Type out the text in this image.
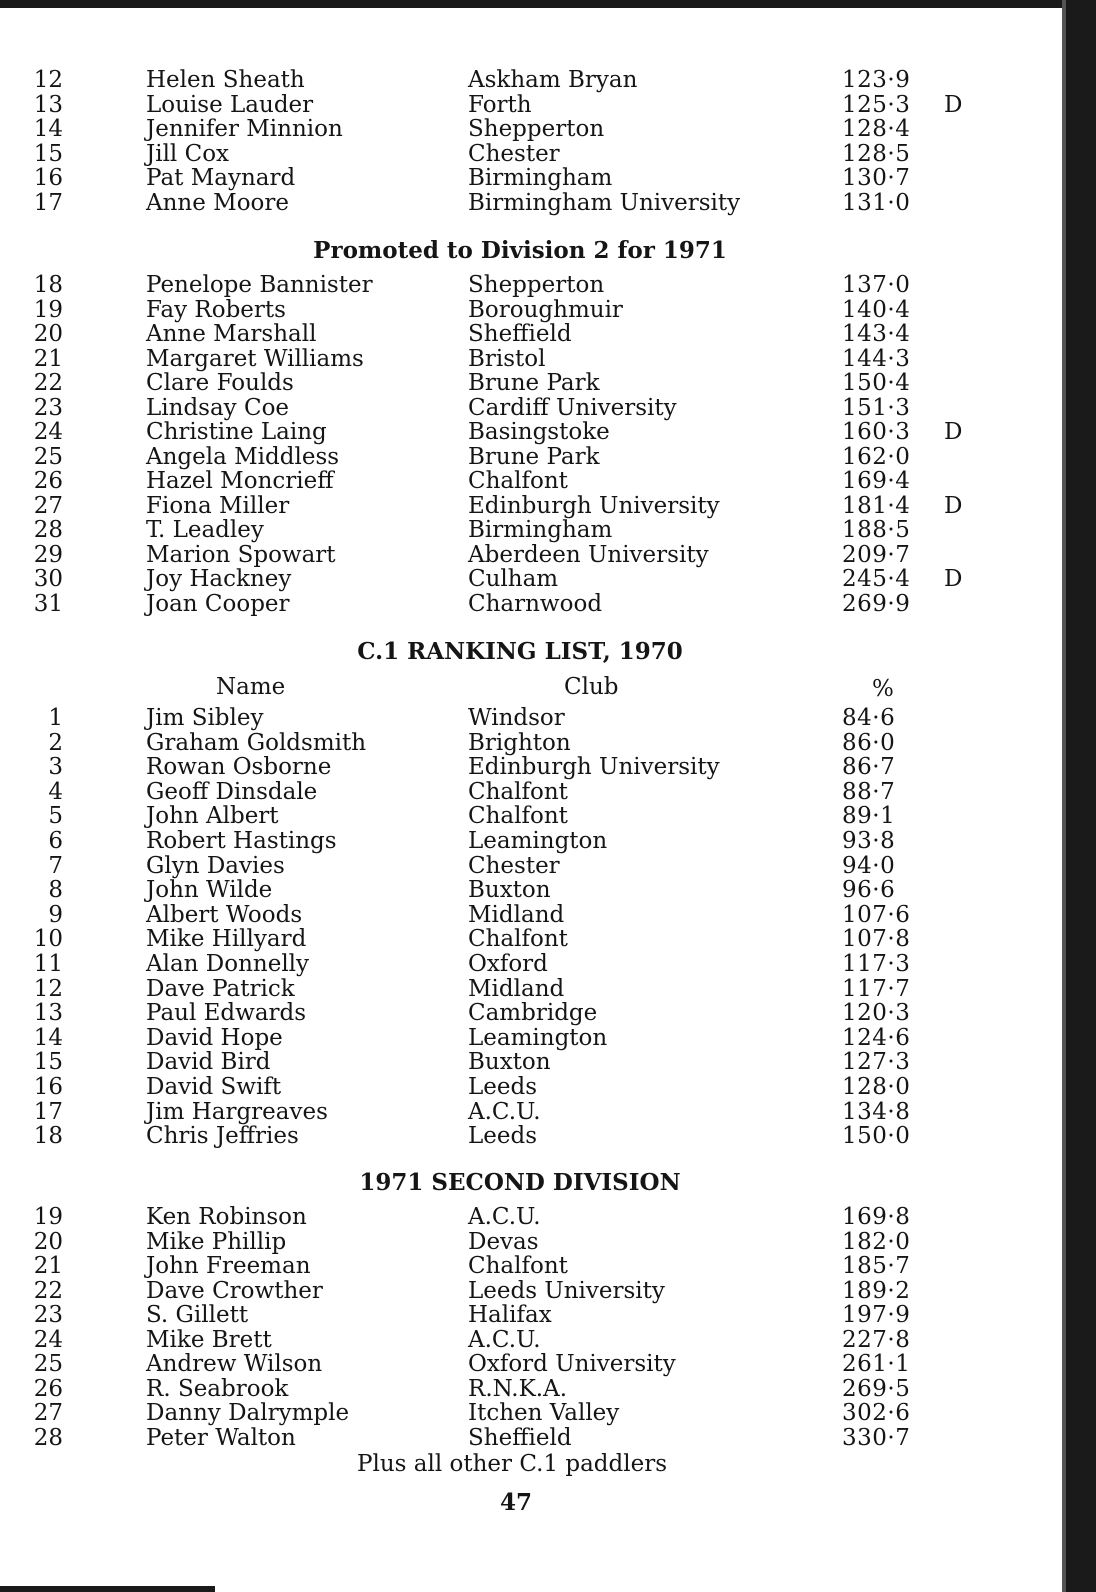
12	Helen Sheath	Askham Bryan	123·9
13	Louise Lauder	Forth	125·3 D
14	Jennifer Minnion	Shepperton	128·4
15	Jill Cox	Chester	128·5
16	Pat Maynard	Birmingham	130·7
17	Anne Moore	Birmingham University	131·0
Promoted to Division 2 for 1971
18	Penelope Bannister	Shepperton	137·0
19	Fay Roberts	Boroughmuir	140·4
20	Anne Marshall	Sheffield	143·4
21	Margaret Williams	Bristol	144·3
22	Clare Foulds	Brune Park	150·4
23	Lindsay Coe	Cardiff University	151·3
24	Christine Laing	Basingstoke	160·3 D
25	Angela Middless	Brune Park	162·0
26	Hazel Moncrieff	Chalfont	169·4
27	Fiona Miller	Edinburgh University	181·4 D
28	T. Leadley	Birmingham	188·5
29	Marion Spowart	Aberdeen University	209·7
30	Joy Hackney	Culham	245·4 D
31	Joan Cooper	Charnwood	269·9
C.1 RANKING LIST, 1970
Name	Club	%
1	Jim Sibley	Windsor	84·6
2	Graham Goldsmith	Brighton	86·0
3	Rowan Osborne	Edinburgh University	86·7
4	Geoff Dinsdale	Chalfont	88·7
5	John Albert	Chalfont	89·1
6	Robert Hastings	Leamington	93·8
7	Glyn Davies	Chester	94·0
8	John Wilde	Buxton	96·6
9	Albert Woods	Midland	107·6
10	Mike Hillyard	Chalfont	107·8
11	Alan Donnelly	Oxford	117·3
12	Dave Patrick	Midland	117·7
13	Paul Edwards	Cambridge	120·3
14	David Hope	Leamington	124·6
15	David Bird	Buxton	127·3
16	David Swift	Leeds	128·0
17	Jim Hargreaves	A.C.U.	134·8
18	Chris Jeffries	Leeds	150·0
1971 SECOND DIVISION
19	Ken Robinson	A.C.U.	169·8
20	Mike Phillip	Devas	182·0
21	John Freeman	Chalfont	185·7
22	Dave Crowther	Leeds University	189·2
23	S. Gillett	Halifax	197·9
24	Mike Brett	A.C.U.	227·8
25	Andrew Wilson	Oxford University	261·1
26	R. Seabrook	R.N.K.A.	269·5
27	Danny Dalrymple	Itchen Valley	302·6
28	Peter Walton	Sheffield	330·7
Plus all other C.1 paddlers
47
